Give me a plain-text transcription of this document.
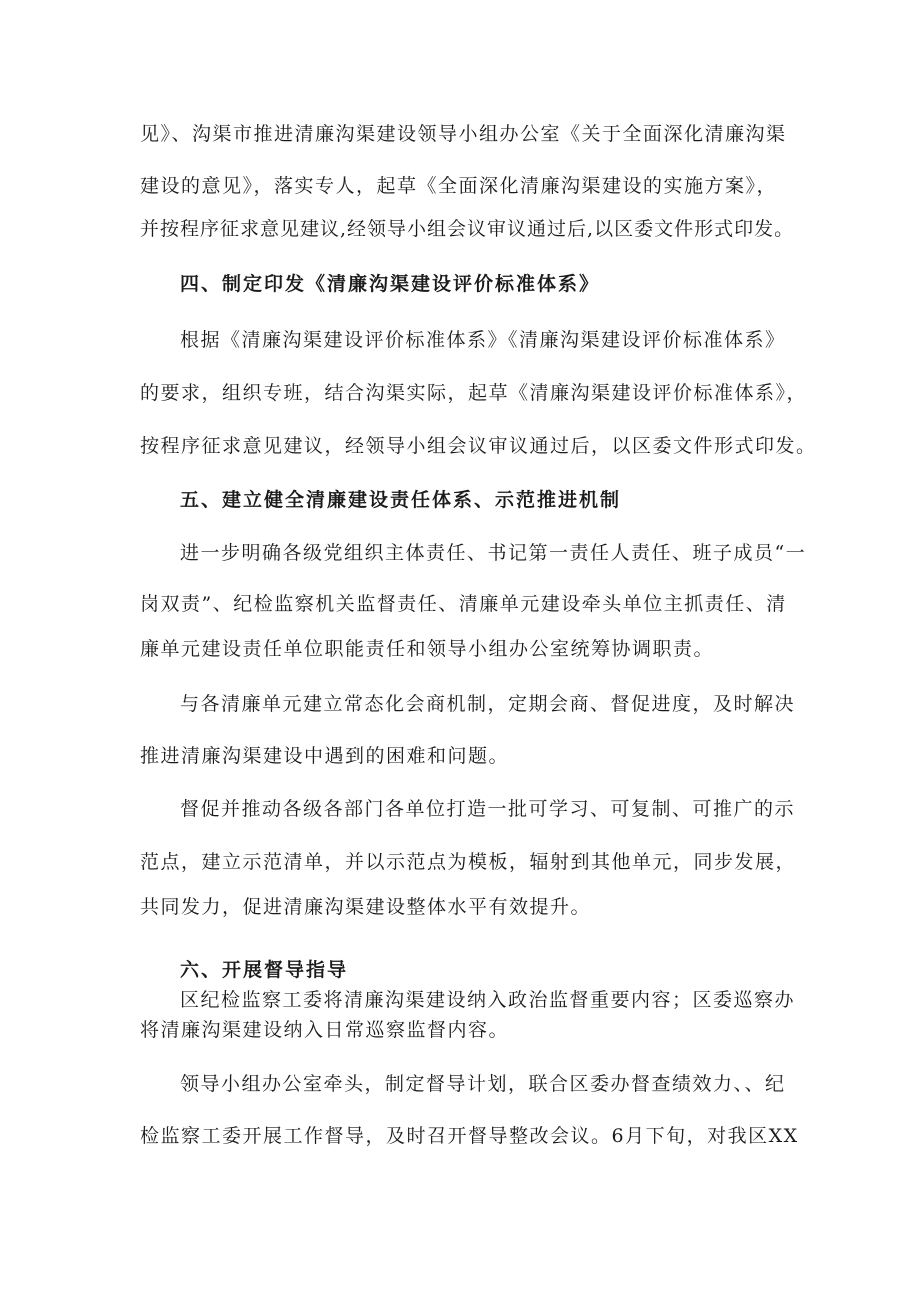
见》、沟渠市推进清廉沟渠建设领导小组办公室《关于全面深化清廉沟渠
建设的意见》，落实专人，起草《全面深化清廉沟渠建设的实施方案》，
并按程序征求意见建议,经领导小组会议审议通过后,以区委文件形式印发。
四、制定印发《清廉沟渠建设评价标准体系》
根据《清廉沟渠建设评价标准体系》《清廉沟渠建设评价标准体系》
的要求，组织专班，结合沟渠实际，起草《清廉沟渠建设评价标准体系》，
按程序征求意见建议，经领导小组会议审议通过后，以区委文件形式印发。
五、建立健全清廉建设责任体系、示范推进机制
进一步明确各级党组织主体责任、书记第一责任人责任、班子成员“一
岗双责”、纪检监察机关监督责任、清廉单元建设牵头单位主抓责任、清
廉单元建设责任单位职能责任和领导小组办公室统筹协调职责。
与各清廉单元建立常态化会商机制，定期会商、督促进度，及时解决
推进清廉沟渠建设中遇到的困难和问题。
督促并推动各级各部门各单位打造一批可学习、可复制、可推广的示
范点，建立示范清单，并以示范点为模板，辐射到其他单元，同步发展，
共同发力，促进清廉沟渠建设整体水平有效提升。
六、开展督导指导
区纪检监察工委将清廉沟渠建设纳入政治监督重要内容；区委巡察办
将清廉沟渠建设纳入日常巡察监督内容。
领导小组办公室牵头，制定督导计划，联合区委办督查绩效力、、纪
检监察工委开展工作督导，及时召开督导整改会议。6月下旬，对我区XX
